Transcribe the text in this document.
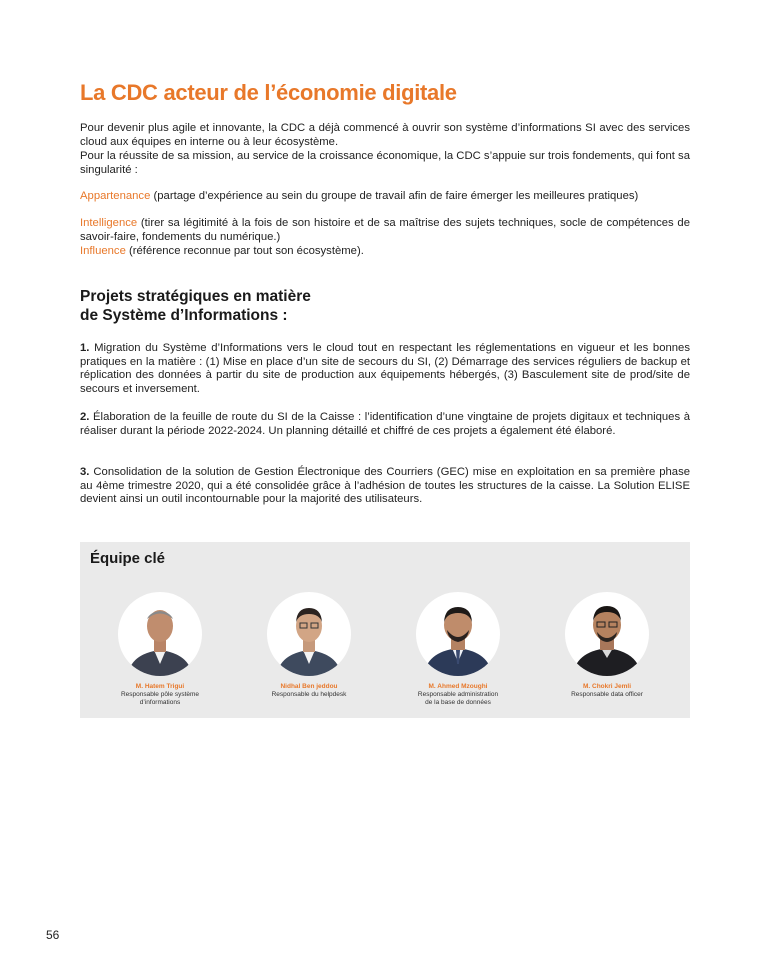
La CDC acteur de l’économie digitale

Pour devenir plus agile et innovante, la CDC a déjà commencé à ouvrir son système d’informations SI avec des services cloud aux équipes en interne ou à leur écosystème.

Pour la réussite de sa mission, au service de la croissance économique, la CDC s’appuie sur trois fondements, qui font sa singularité :

Appartenance (partage d’expérience au sein du groupe de travail afin de faire émerger les meilleures pratiques)

Intelligence (tirer sa légitimité à la fois de son histoire et de sa maîtrise des sujets techniques, socle de compétences de savoir-faire, fondements du numérique.)

Influence (référence reconnue par tout son écosystème).

Projets stratégiques en matière
de Système d’Informations :

1. Migration du Système d’Informations vers le cloud tout en respectant les réglementations en vigueur et les bonnes pratiques en la matière : (1) Mise en place d’un site de secours du SI, (2) Démarrage des services réguliers de backup et réplication des données à partir du site de production aux équipements hébergés, (3) Basculement site de prod/site de secours et inversement.

2. Élaboration de la feuille de route du SI de la Caisse : l’identification d’une vingtaine de projets digitaux et techniques à réaliser durant la période 2022-2024. Un planning détaillé et chiffré de ces projets a également été élaboré.

3. Consolidation de la solution de Gestion Électronique des Courriers (GEC) mise en exploitation en sa première phase au 4ème trimestre 2020, qui a été consolidée grâce à l’adhésion de toutes les structures de la caisse. La Solution ELISE devient ainsi un outil incontournable pour la majorité des utilisateurs.

Équipe clé
M. Hatem Trigui
Responsable pôle système
d’informations
Nidhal Ben jeddou
Responsable du helpdesk
M. Ahmed Mzoughi
Responsable administration
de la base de données
M. Chokri Jemli
Responsable data officer

56
